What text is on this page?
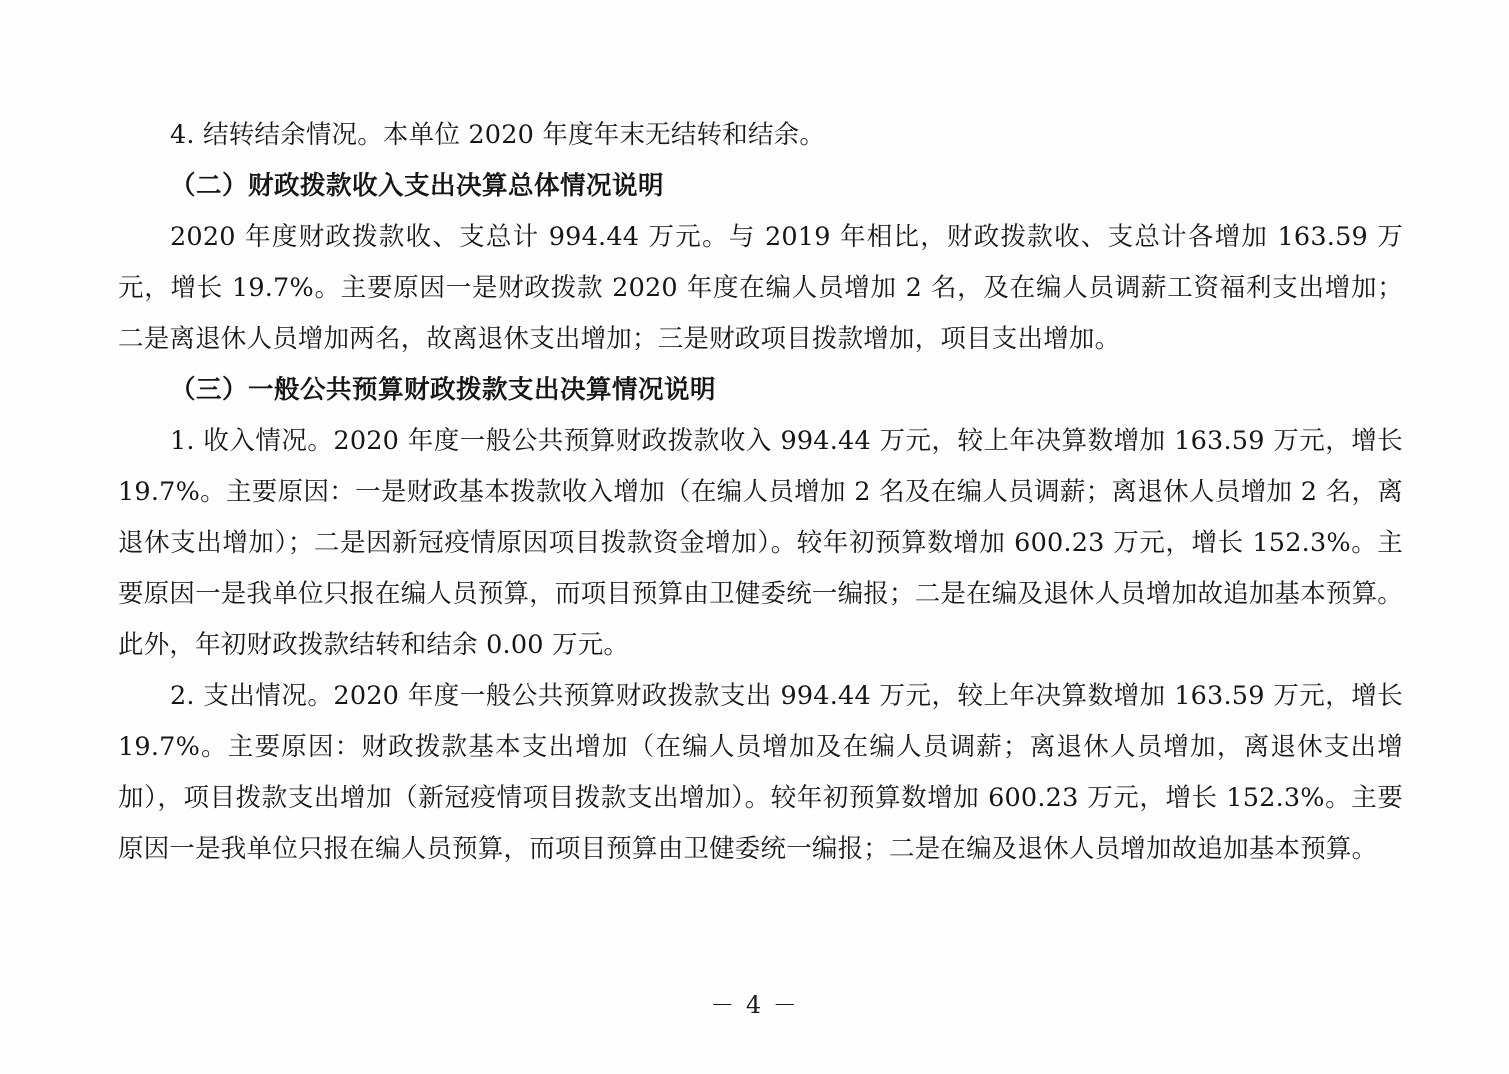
4. 结转结余情况。本单位 2020 年度年末无结转和结余。

（二）财政拨款收入支出决算总体情况说明

2020 年度财政拨款收、支总计 994.44 万元。与 2019 年相比，财政拨款收、支总计各增加 163.59 万元，增长 19.7%。主要原因一是财政拨款 2020 年度在编人员增加 2 名，及在编人员调薪工资福利支出增加；二是离退休人员增加两名，故离退休支出增加；三是财政项目拨款增加，项目支出增加。

（三）一般公共预算财政拨款支出决算情况说明

1. 收入情况。2020 年度一般公共预算财政拨款收入 994.44 万元，较上年决算数增加 163.59 万元，增长 19.7%。主要原因：一是财政基本拨款收入增加（在编人员增加 2 名及在编人员调薪；离退休人员增加 2 名，离退休支出增加）；二是因新冠疫情原因项目拨款资金增加）。较年初预算数增加 600.23 万元，增长 152.3%。主要原因一是我单位只报在编人员预算，而项目预算由卫健委统一编报；二是在编及退休人员增加故追加基本预算。此外，年初财政拨款结转和结余 0.00 万元。

2. 支出情况。2020 年度一般公共预算财政拨款支出 994.44 万元，较上年决算数增加 163.59 万元，增长 19.7%。主要原因：财政拨款基本支出增加（在编人员增加及在编人员调薪；离退休人员增加，离退休支出增加），项目拨款支出增加（新冠疫情项目拨款支出增加）。较年初预算数增加 600.23 万元，增长 152.3%。主要原因一是我单位只报在编人员预算，而项目预算由卫健委统一编报；二是在编及退休人员增加故追加基本预算。

－ 4 －
